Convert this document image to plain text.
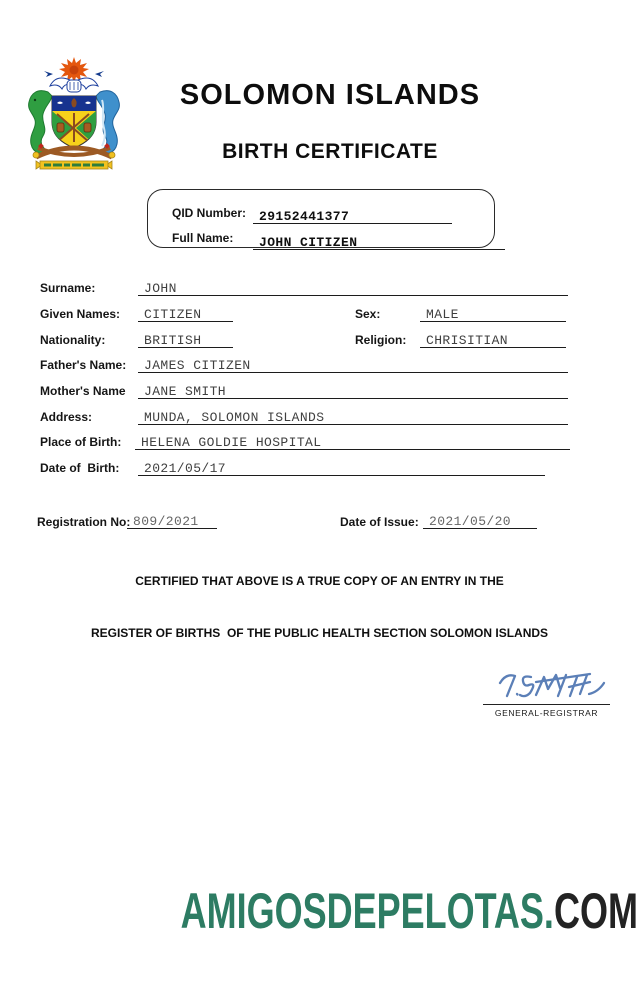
SOLOMON ISLANDS
BIRTH CERTIFICATE
QID Number: 29152441377
Full Name:	JOHN CITIZEN
Surname:	JOHN
Given Names:	CITIZEN	Sex:	MALE
Nationality:	BRITISH	Religion:	CHRISITIAN
Father's Name:	JAMES CITIZEN
Mother's Name	JANE SMITH
Address:	MUNDA, SOLOMON ISLANDS
Place of Birth:	HELENA GOLDIE HOSPITAL
Date of  Birth:	2021/05/17
Registration No: 809/2021	Date of Issue: 2021/05/20
CERTIFIED THAT ABOVE IS A TRUE COPY OF AN ENTRY IN THE
REGISTER OF BIRTHS  OF THE PUBLIC HEALTH SECTION SOLOMON ISLANDS
GENERAL-REGISTRAR

AMIGOSDEPELOTAS.COM
